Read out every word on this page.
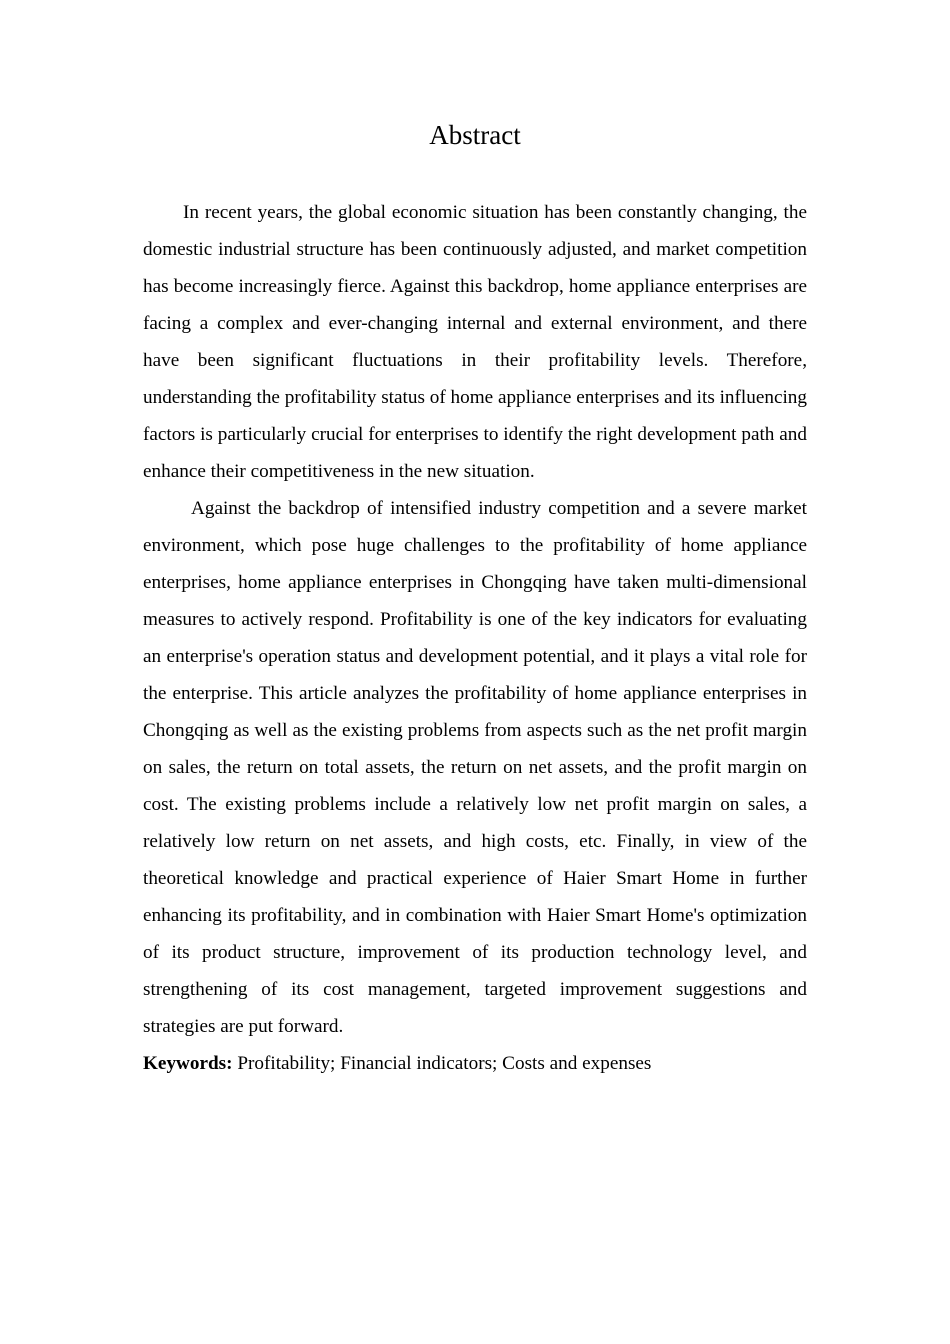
Abstract

In recent years, the global economic situation has been constantly changing, the domestic industrial structure has been continuously adjusted, and market competition has become increasingly fierce. Against this backdrop, home appliance enterprises are facing a complex and ever-changing internal and external environment, and there have been significant fluctuations in their profitability levels. Therefore, understanding the profitability status of home appliance enterprises and its influencing factors is particularly crucial for enterprises to identify the right development path and enhance their competitiveness in the new situation.

Against the backdrop of intensified industry competition and a severe market environment, which pose huge challenges to the profitability of home appliance enterprises, home appliance enterprises in Chongqing have taken multi-dimensional measures to actively respond. Profitability is one of the key indicators for evaluating an enterprise's operation status and development potential, and it plays a vital role for the enterprise. This article analyzes the profitability of home appliance enterprises in Chongqing as well as the existing problems from aspects such as the net profit margin on sales, the return on total assets, the return on net assets, and the profit margin on cost. The existing problems include a relatively low net profit margin on sales, a relatively low return on net assets, and high costs, etc. Finally, in view of the theoretical knowledge and practical experience of Haier Smart Home in further enhancing its profitability, and in combination with Haier Smart Home's optimization of its product structure, improvement of its production technology level, and strengthening of its cost management, targeted improvement suggestions and strategies are put forward.

Keywords: Profitability; Financial indicators; Costs and expenses
